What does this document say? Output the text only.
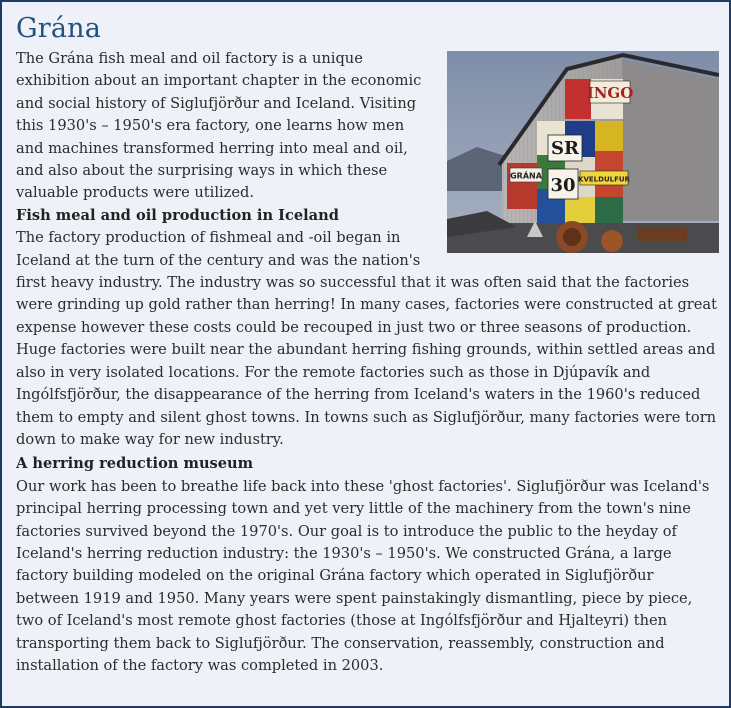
Grána
GRÁNA
SR
30
INGO
KVELDULFUR

The Grána fish meal and oil factory is a unique exhibition about an important chapter in the economic and social history of Siglufjörður and Iceland. Visiting this 1930's – 1950's era factory, one learns how men and machines transformed herring into meal and oil, and also about the surprising ways in which these valuable products were utilized.

Fish meal and oil production in Iceland

The factory production of fishmeal and -oil began in Iceland at the turn of the century and was the nation's first heavy industry. The industry was so successful that it was often said that the factories were grinding up gold rather than herring! In many cases, factories were constructed at great expense however these costs could be recouped in just two or three seasons of production. Huge factories were built near the abundant herring fishing grounds, within settled areas and also in very isolated locations. For the remote factories such as those in Djúpavík and Ingólfsfjörður, the disappearance of the herring from Iceland's waters in the 1960's reduced them to empty and silent ghost towns. In towns such as Siglufjörður, many factories were torn down to make way for new industry.

A herring reduction museum

Our work has been to breathe life back into these 'ghost factories'. Siglufjörður was Iceland's principal herring processing town and yet very little of the machinery from the town's nine factories survived beyond the 1970's. Our goal is to introduce the public to the heyday of Iceland's herring reduction industry: the 1930's – 1950's. We constructed Grána, a large factory building modeled on the original Grána factory which operated in Siglufjörður between 1919 and 1950. Many years were spent painstakingly dismantling, piece by piece, two of Iceland's most remote ghost factories (those at Ingólfsfjörður and Hjalteyri) then transporting them back to Siglufjörður. The conservation, reassembly, construction and installation of the factory was completed in 2003.
